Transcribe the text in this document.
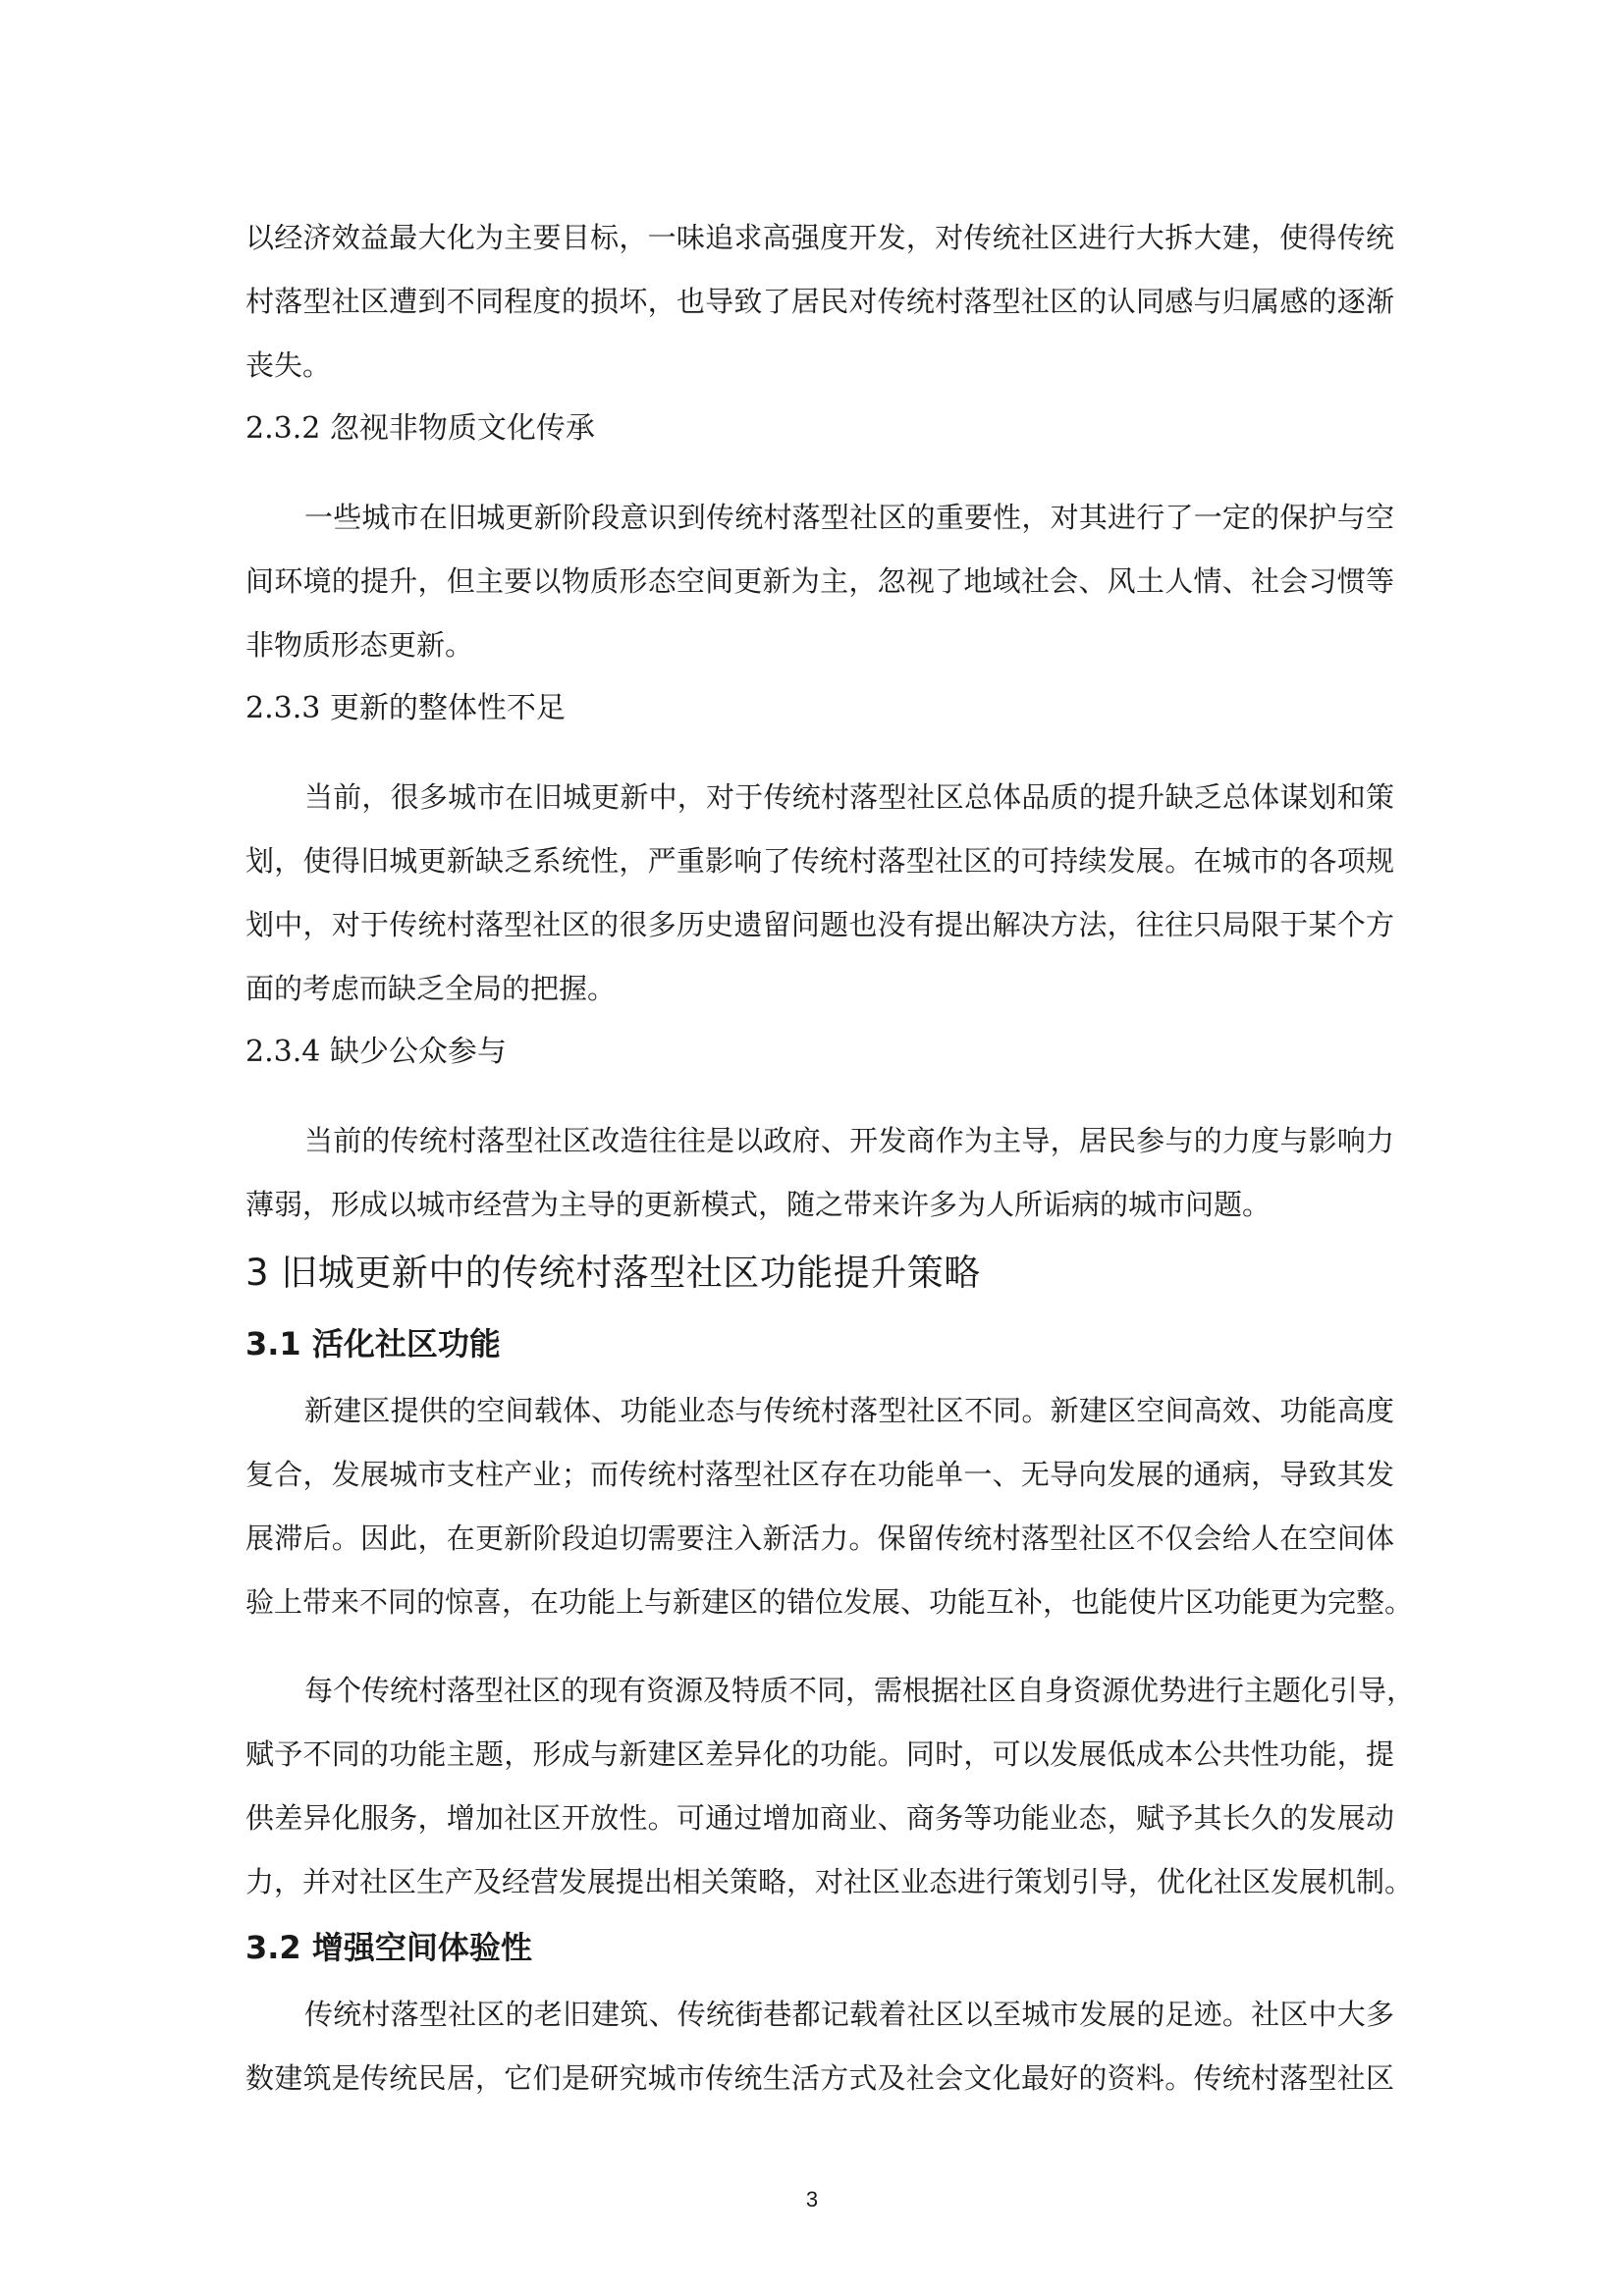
以经济效益最大化为主要目标，一味追求高强度开发，对传统社区进行大拆大建，使得传统
村落型社区遭到不同程度的损坏，也导致了居民对传统村落型社区的认同感与归属感的逐渐
丧失。
2.3.2 忽视非物质文化传承
一些城市在旧城更新阶段意识到传统村落型社区的重要性，对其进行了一定的保护与空
间环境的提升，但主要以物质形态空间更新为主，忽视了地域社会、风土人情、社会习惯等
非物质形态更新。
2.3.3 更新的整体性不足
当前，很多城市在旧城更新中，对于传统村落型社区总体品质的提升缺乏总体谋划和策
划，使得旧城更新缺乏系统性，严重影响了传统村落型社区的可持续发展。在城市的各项规
划中，对于传统村落型社区的很多历史遗留问题也没有提出解决方法，往往只局限于某个方
面的考虑而缺乏全局的把握。
2.3.4 缺少公众参与
当前的传统村落型社区改造往往是以政府、开发商作为主导，居民参与的力度与影响力
薄弱，形成以城市经营为主导的更新模式，随之带来许多为人所诟病的城市问题。
3 旧城更新中的传统村落型社区功能提升策略
3.1 活化社区功能
新建区提供的空间载体、功能业态与传统村落型社区不同。新建区空间高效、功能高度
复合，发展城市支柱产业；而传统村落型社区存在功能单一、无导向发展的通病，导致其发
展滞后。因此，在更新阶段迫切需要注入新活力。保留传统村落型社区不仅会给人在空间体
验上带来不同的惊喜，在功能上与新建区的错位发展、功能互补，也能使片区功能更为完整。
每个传统村落型社区的现有资源及特质不同，需根据社区自身资源优势进行主题化引导，
赋予不同的功能主题，形成与新建区差异化的功能。同时，可以发展低成本公共性功能，提
供差异化服务，增加社区开放性。可通过增加商业、商务等功能业态，赋予其长久的发展动
力，并对社区生产及经营发展提出相关策略，对社区业态进行策划引导，优化社区发展机制。
3.2 增强空间体验性
传统村落型社区的老旧建筑、传统街巷都记载着社区以至城市发展的足迹。社区中大多
数建筑是传统民居，它们是研究城市传统生活方式及社会文化最好的资料。传统村落型社区
3
